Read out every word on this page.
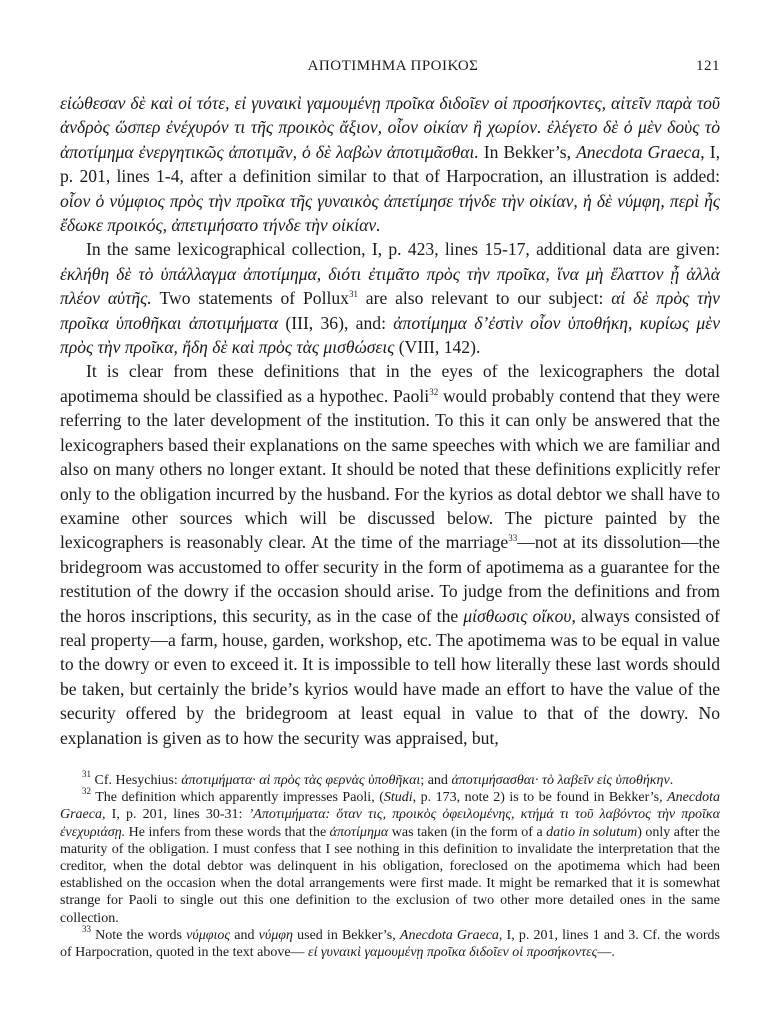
ΑΠΟΤΙΜΗΜΑ ΠΡΟΙΚΟΣ	121

εἰώθεσαν δὲ καὶ οἱ τότε, εἰ γυναικὶ γαμουμένῃ προῖκα διδοῖεν οἱ προσήκοντες, αἰτεῖν παρὰ τοῦ ἀνδρὸς ὥσπερ ἐνέχυρόν τι τῆς προικὸς ἄξιον, οἷον οἰκίαν ἢ χωρίον. ἐλέγετο δὲ ὁ μὲν δοὺς τὸ ἀποτίμημα ἐνεργητικῶς ἀποτιμᾶν, ὁ δὲ λαβὼν ἀποτιμᾶσθαι. In Bekker’s, Anecdota Graeca, I, p. 201, lines 1-4, after a definition similar to that of Harpocration, an illustration is added: οἷον ὁ νύμφιος πρὸς τὴν προῖκα τῆς γυναικὸς ἀπετίμησε τήνδε τὴν οἰκίαν, ἡ δὲ νύμφη, περὶ ἧς ἔδωκε προικός, ἀπετιμήσατο τήνδε τὴν οἰκίαν.

In the same lexicographical collection, I, p. 423, lines 15-17, additional data are given: ἐκλήθη δὲ τὸ ὑπάλλαγμα ἀποτίμημα, διότι ἐτιμᾶτο πρὸς τὴν προῖκα, ἵνα μὴ ἔλαττον ᾖ ἀλλὰ πλέον αὐτῆς. Two statements of Pollux$^{31}$ are also relevant to our subject: αἱ δὲ πρὸς τὴν προῖκα ὑποθῆκαι ἀποτιμήματα (III, 36), and: ἀποτίμημα δ’ἐστὶν οἷον ὑποθήκη, κυρίως μὲν πρὸς τὴν προῖκα, ἤδη δὲ καὶ πρὸς τὰς μισθώσεις (VIII, 142).

It is clear from these definitions that in the eyes of the lexicographers the dotal apotimema should be classified as a hypothec. Paoli$^{32}$ would probably contend that they were referring to the later development of the institution. To this it can only be answered that the lexicographers based their explanations on the same speeches with which we are familiar and also on many others no longer extant. It should be noted that these definitions explicitly refer only to the obligation incurred by the husband. For the kyrios as dotal debtor we shall have to examine other sources which will be discussed below. The picture painted by the lexicographers is reasonably clear. At the time of the marriage$^{33}$—not at its dissolution—the bridegroom was accustomed to offer security in the form of apotimema as a guarantee for the restitution of the dowry if the occasion should arise. To judge from the definitions and from the horos inscriptions, this security, as in the case of the μίσθωσις οἴκου, always consisted of real property—a farm, house, garden, workshop, etc. The apotimema was to be equal in value to the dowry or even to exceed it. It is impossible to tell how literally these last words should be taken, but certainly the bride’s kyrios would have made an effort to have the value of the security offered by the bridegroom at least equal in value to that of the dowry. No explanation is given as to how the security was appraised, but,

$^{31}$ Cf. Hesychius: ἀποτιμήματα· αἱ πρὸς τὰς φερνὰς ὑποθῆκαι; and ἀποτιμήσασθαι· τὸ λαβεῖν εἰς ὑποθήκην.

$^{32}$ The definition which apparently impresses Paoli, (Studi, p. 173, note 2) is to be found in Bekker’s, Anecdota Graeca, I, p. 201, lines 30-31: ’Αποτιμήματα: ὅταν τις, προικὸς ὀφειλομένης, κτήμά τι τοῦ λαβόντος τὴν προῖκα ἐνεχυριάσῃ. He infers from these words that the ἀποτίμημα was taken (in the form of a datio in solutum) only after the maturity of the obligation. I must confess that I see nothing in this definition to invalidate the interpretation that the creditor, when the dotal debtor was delinquent in his obligation, foreclosed on the apotimema which had been established on the occasion when the dotal arrangements were first made. It might be remarked that it is somewhat strange for Paoli to single out this one definition to the exclusion of two other more detailed ones in the same collection.

$^{33}$ Note the words νύμφιος and νύμφη used in Bekker’s, Anecdota Graeca, I, p. 201, lines 1 and 3. Cf. the words of Harpocration, quoted in the text above— εἰ γυναικὶ γαμουμένῃ προῖκα διδοῖεν οἱ προσήκοντες—.
